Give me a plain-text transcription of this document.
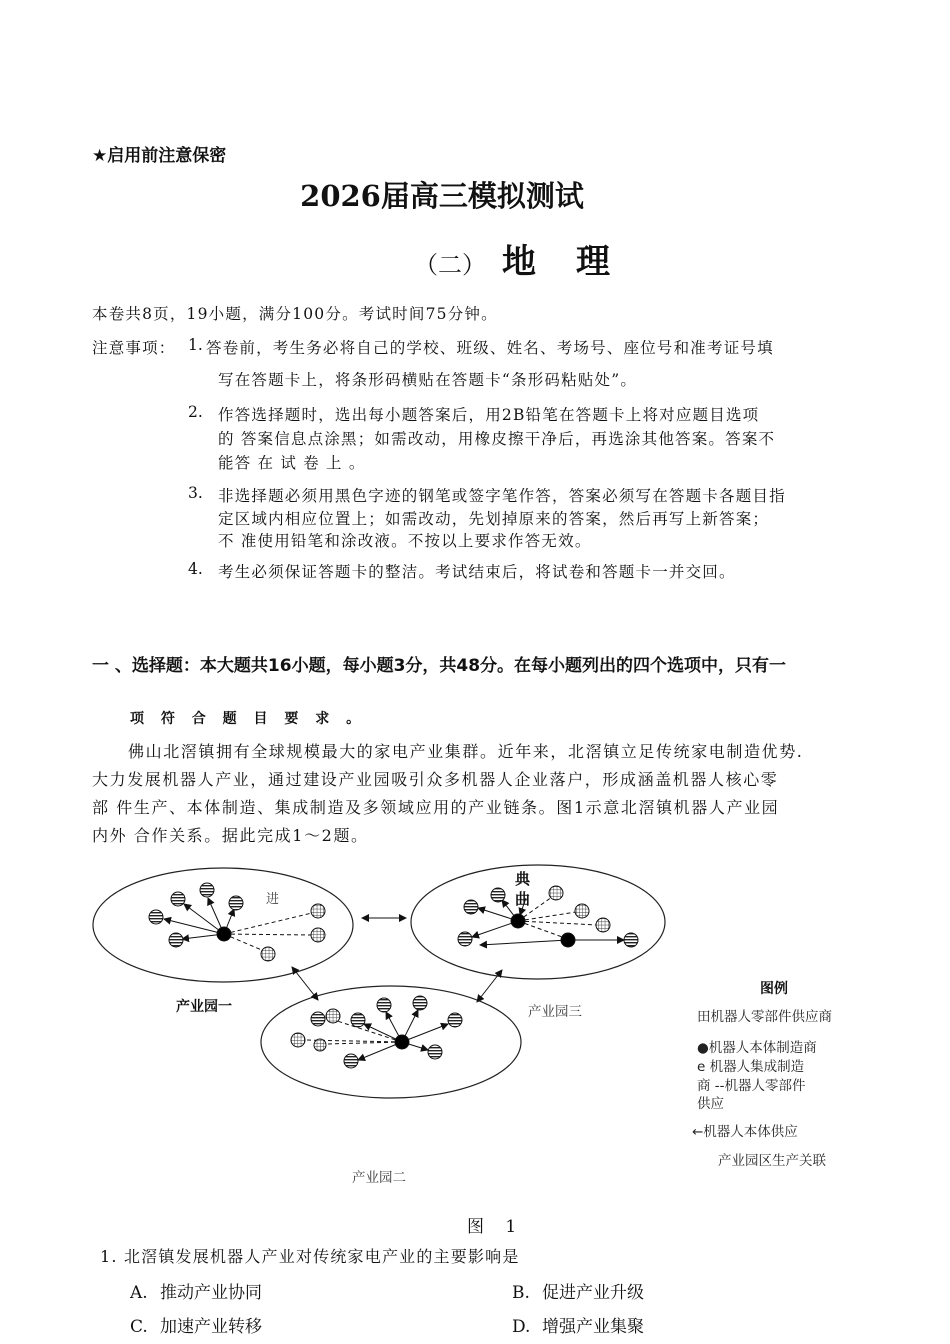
★启用前注意保密
2026届高三模拟测试
（二） 地理
本卷共8页，19小题，满分100分。考试时间75分钟。
注意事项： 1. 答卷前，考生务必将自己的学校、班级、姓名、考场号、座位号和准考证号填
写在答题卡上，将条形码横贴在答题卡“条形码粘贴处”。
2. 作答选择题时，选出每小题答案后，用2B铅笔在答题卡上将对应题目选项
的 答案信息点涂黑；如需改动，用橡皮擦干净后，再选涂其他答案。答案不
能答 在 试 卷 上 。
3. 非选择题必须用黑色字迹的钢笔或签字笔作答，答案必须写在答题卡各题目指
定区域内相应位置上；如需改动，先划掉原来的答案，然后再写上新答案；
不 准使用铅笔和涂改液。不按以上要求作答无效。
4. 考生必须保证答题卡的整洁。考试结束后，将试卷和答题卡一并交回。
一 、选择题：本大题共16小题，每小题3分，共48分。在每小题列出的四个选项中，只有一
项 符 合 题 目 要 求 。
佛山北滘镇拥有全球规模最大的家电产业集群。近年来，北滘镇立足传统家电制造优势.
大力发展机器人产业，通过建设产业园吸引众多机器人企业落户，形成涵盖机器人核心零
部 件生产、本体制造、集成制造及多领域应用的产业链条。图1示意北滘镇机器人产业园
内外 合作关系。据此完成1～2题。
进
典
曲
产业园一	产业园三
产业园二
图例
田机器人零部件供应商
●机器人本体制造商
e 机器人集成制造
商 --机器人零部件
供应
←机器人本体供应
产业园区生产关联
图 1
1. 北滘镇发展机器人产业对传统家电产业的主要影响是
A. 推动产业协同	B. 促进产业升级
C. 加速产业转移	D. 增强产业集聚
